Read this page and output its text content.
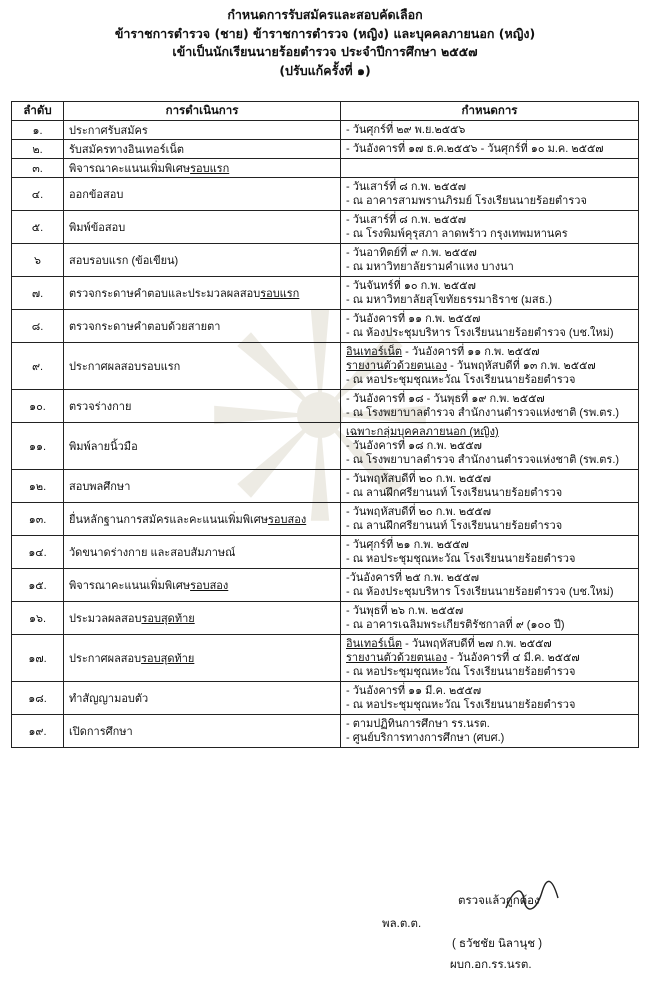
กำหนดการรับสมัครและสอบคัดเลือก
ข้าราชการตำรวจ (ชาย) ข้าราชการตำรวจ (หญิง) และบุคคลภายนอก (หญิง)
เข้าเป็นนักเรียนนายร้อยตำรวจ ประจำปีการศึกษา ๒๕๕๗
(ปรับแก้ครั้งที่ ๑)
ลำดับ	การดำเนินการ	กำหนดการ
๑.	ประกาศรับสมัคร	- วันศุกร์ที่ ๒๙ พ.ย.๒๕๕๖

๒.	รับสมัครทางอินเทอร์เน็ต	- วันอังคารที่ ๑๗ ธ.ค.๒๕๕๖ - วันศุกร์ที่ ๑๐ ม.ค. ๒๕๕๗

๓.	พิจารณาคะแนนเพิ่มพิเศษรอบแรก	
๔.	ออกข้อสอบ	- วันเสาร์ที่ ๘ ก.พ. ๒๕๕๗
- ณ อาคารสามพรานภิรมย์ โรงเรียนนายร้อยตำรวจ

๕.	พิมพ์ข้อสอบ	- วันเสาร์ที่ ๘ ก.พ. ๒๕๕๗
- ณ โรงพิมพ์คุรุสภา ลาดพร้าว กรุงเทพมหานคร

๖	สอบรอบแรก (ข้อเขียน)	- วันอาทิตย์ที่ ๙ ก.พ. ๒๕๕๗
- ณ มหาวิทยาลัยรามคำแหง บางนา

๗.	ตรวจกระดาษคำตอบและประมวลผลสอบรอบแรก	- วันจันทร์ที่ ๑๐ ก.พ. ๒๕๕๗
- ณ มหาวิทยาลัยสุโขทัยธรรมาธิราช (มสธ.)

๘.	ตรวจกระดาษคำตอบด้วยสายตา	- วันอังคารที่ ๑๑ ก.พ. ๒๕๕๗
- ณ ห้องประชุมบริหาร โรงเรียนนายร้อยตำรวจ (บช.ใหม่)

๙.	ประกาศผลสอบรอบแรก	อินเทอร์เน็ต - วันอังคารที่ ๑๑ ก.พ. ๒๕๕๗
รายงานตัวด้วยตนเอง - วันพฤหัสบดีที่ ๑๓ ก.พ. ๒๕๕๗
- ณ หอประชุมชุณหะวัณ โรงเรียนนายร้อยตำรวจ

๑๐.	ตรวจร่างกาย	- วันอังคารที่ ๑๘ - วันพุธที่ ๑๙ ก.พ. ๒๕๕๗
- ณ โรงพยาบาลตำรวจ สำนักงานตำรวจแห่งชาติ (รพ.ตร.)

๑๑.	พิมพ์ลายนิ้วมือ	เฉพาะกลุ่มบุคคลภายนอก (หญิง)
- วันอังคารที่ ๑๘ ก.พ. ๒๕๕๗
- ณ โรงพยาบาลตำรวจ สำนักงานตำรวจแห่งชาติ (รพ.ตร.)

๑๒.	สอบพลศึกษา	- วันพฤหัสบดีที่ ๒๐ ก.พ. ๒๕๕๗
- ณ ลานฝึกศรียานนท์ โรงเรียนนายร้อยตำรวจ

๑๓.	ยื่นหลักฐานการสมัครและคะแนนเพิ่มพิเศษรอบสอง	- วันพฤหัสบดีที่ ๒๐ ก.พ. ๒๕๕๗
- ณ ลานฝึกศรียานนท์ โรงเรียนนายร้อยตำรวจ

๑๔.	วัดขนาดร่างกาย และสอบสัมภาษณ์	- วันศุกร์ที่ ๒๑ ก.พ. ๒๕๕๗
- ณ หอประชุมชุณหะวัณ โรงเรียนนายร้อยตำรวจ

๑๕.	พิจารณาคะแนนเพิ่มพิเศษรอบสอง	-วันอังคารที่ ๒๕ ก.พ. ๒๕๕๗
- ณ ห้องประชุมบริหาร โรงเรียนนายร้อยตำรวจ (บช.ใหม่)

๑๖.	ประมวลผลสอบรอบสุดท้าย	- วันพุธที่ ๒๖ ก.พ. ๒๕๕๗
- ณ อาคารเฉลิมพระเกียรติรัชกาลที่ ๙ (๑๐๐ ปี)

๑๗.	ประกาศผลสอบรอบสุดท้าย	อินเทอร์เน็ต - วันพฤหัสบดีที่ ๒๗ ก.พ. ๒๕๕๗
รายงานตัวด้วยตนเอง - วันอังคารที่ ๔ มี.ค. ๒๕๕๗
- ณ หอประชุมชุณหะวัณ โรงเรียนนายร้อยตำรวจ

๑๘.	ทำสัญญามอบตัว	- วันอังคารที่ ๑๑ มี.ค. ๒๕๕๗
- ณ หอประชุมชุณหะวัณ โรงเรียนนายร้อยตำรวจ

๑๙.	เปิดการศึกษา	- ตามปฏิทินการศึกษา รร.นรต.
- ศูนย์บริการทางการศึกษา (ศบศ.)
ตรวจแล้วถูกต้อง
พล.ต.ต.
( ธวัชชัย นิลานุช )
ผบก.อก.รร.นรต.
